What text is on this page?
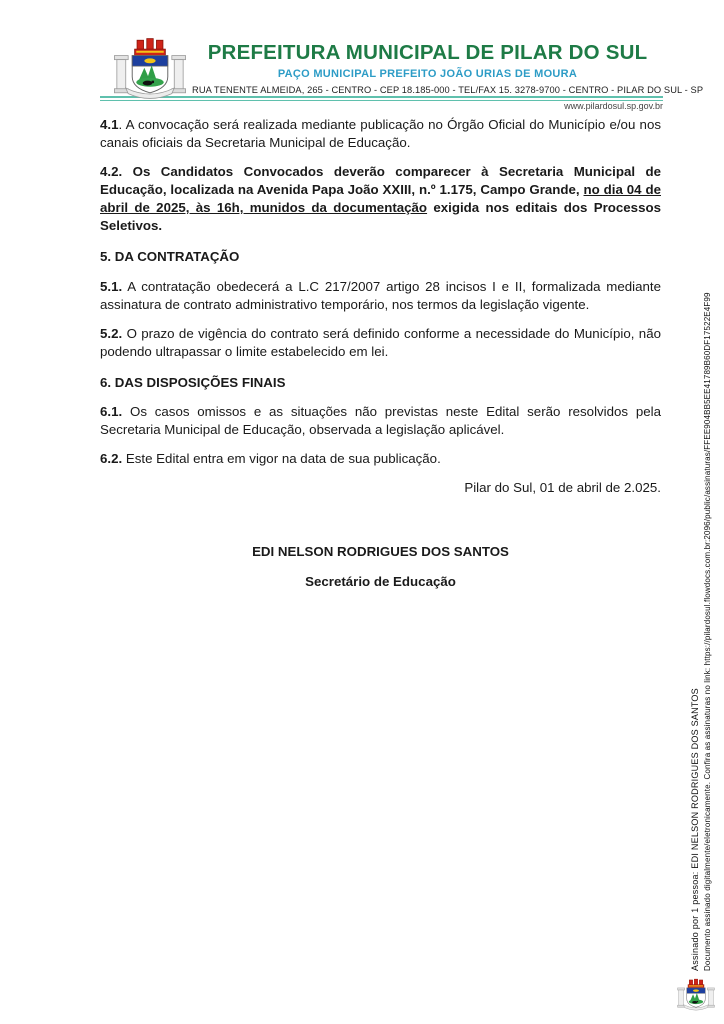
PREFEITURA MUNICIPAL DE PILAR DO SUL
PAÇO MUNICIPAL PREFEITO JOÃO URIAS DE MOURA
RUA TENENTE ALMEIDA, 265 - CENTRO - CEP 18.185-000 - TEL/FAX 15. 3278-9700 - CENTRO - PILAR DO SUL - SP
www.pilardosul.sp.gov.br

4.1. A convocação será realizada mediante publicação no Órgão Oficial do Município e/ou nos canais oficiais da Secretaria Municipal de Educação.

4.2. Os Candidatos Convocados deverão comparecer à Secretaria Municipal de Educação, localizada na Avenida Papa João XXIII, n.º 1.175, Campo Grande, no dia 04 de abril de 2025, às 16h, munidos da documentação exigida nos editais dos Processos Seletivos.

5. DA CONTRATAÇÃO

5.1. A contratação obedecerá a L.C 217/2007 artigo 28 incisos I e II, formalizada mediante assinatura de contrato administrativo temporário, nos termos da legislação vigente.

5.2. O prazo de vigência do contrato será definido conforme a necessidade do Município, não podendo ultrapassar o limite estabelecido em lei.

6. DAS DISPOSIÇÕES FINAIS

6.1. Os casos omissos e as situações não previstas neste Edital serão resolvidos pela Secretaria Municipal de Educação, observada a legislação aplicável.

6.2. Este Edital entra em vigor na data de sua publicação.

Pilar do Sul, 01 de abril de 2.025.

EDI NELSON RODRIGUES DOS SANTOS

Secretário de Educação

Assinado por 1 pessoa: EDI NELSON RODRIGUES DOS SANTOS Documento assinado digitalmente/eletronicamente. Confira as assinaturas no link: https://pilardosul.flowdocs.com.br:2096/public/assinaturas/FFEE904BB5EE41789B60DF17522E4F99
